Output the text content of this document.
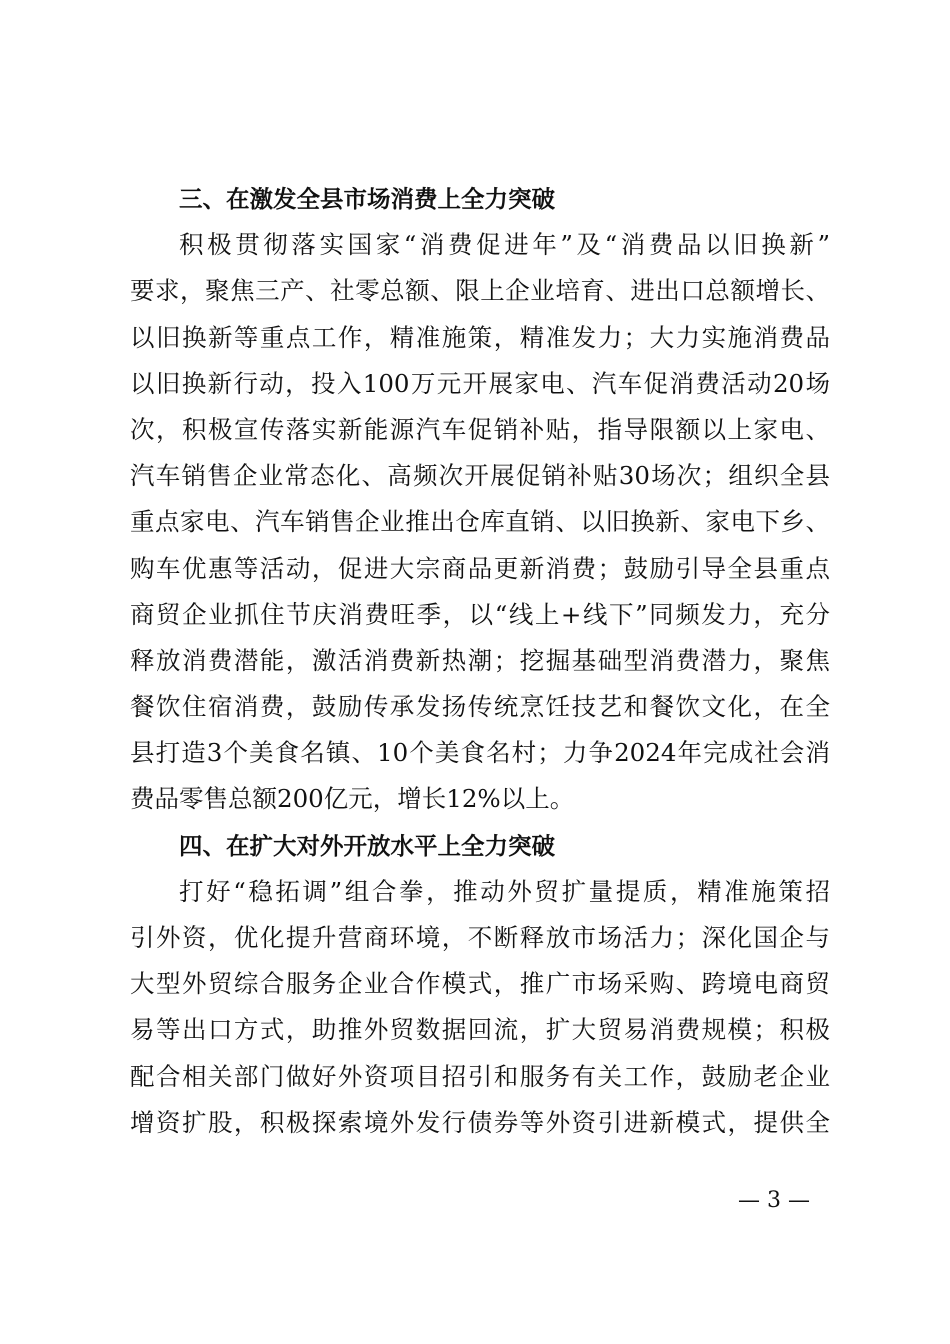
三、在激发全县市场消费上全力突破
积极贯彻落实国家“消费促进年”及“消费品以旧换新”
要求，聚焦三产、社零总额、限上企业培育、进出口总额增长、
以旧换新等重点工作，精准施策，精准发力；大力实施消费品
以旧换新行动，投入100万元开展家电、汽车促消费活动20场
次，积极宣传落实新能源汽车促销补贴，指导限额以上家电、
汽车销售企业常态化、高频次开展促销补贴30场次；组织全县
重点家电、汽车销售企业推出仓库直销、以旧换新、家电下乡、
购车优惠等活动，促进大宗商品更新消费；鼓励引导全县重点
商贸企业抓住节庆消费旺季，以“线上+线下”同频发力，充分
释放消费潜能，激活消费新热潮；挖掘基础型消费潜力，聚焦
餐饮住宿消费，鼓励传承发扬传统烹饪技艺和餐饮文化，在全
县打造3个美食名镇、10个美食名村；力争2024年完成社会消
费品零售总额200亿元，增长12%以上。
四、在扩大对外开放水平上全力突破
打好“稳拓调”组合拳，推动外贸扩量提质，精准施策招
引外资，优化提升营商环境，不断释放市场活力；深化国企与
大型外贸综合服务企业合作模式，推广市场采购、跨境电商贸
易等出口方式，助推外贸数据回流，扩大贸易消费规模；积极
配合相关部门做好外资项目招引和服务有关工作，鼓励老企业
增资扩股，积极探索境外发行债券等外资引进新模式，提供全
— 3 —
